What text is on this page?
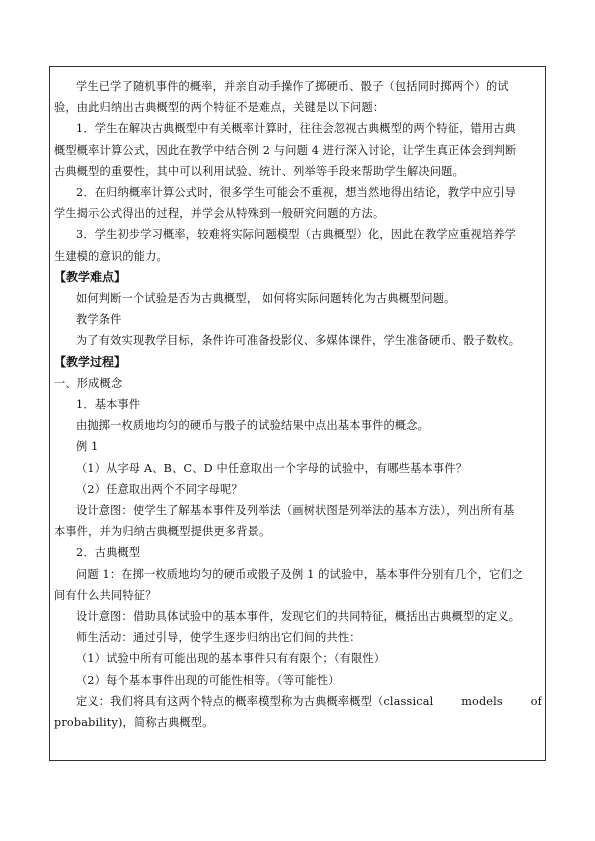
学生已学了随机事件的概率，并亲自动手操作了掷硬币、骰子（包括同时掷两个）的试
验，由此归纳出古典概型的两个特征不是难点，关键是以下问题：
1．学生在解决古典概型中有关概率计算时，往往会忽视古典概型的两个特征，错用古典
概型概率计算公式，因此在教学中结合例 2 与问题 4 进行深入讨论，让学生真正体会到判断
古典概型的重要性，其中可以利用试验、统计、列举等手段来帮助学生解决问题。
2．在归纳概率计算公式时，很多学生可能会不重视，想当然地得出结论，教学中应引导
学生揭示公式得出的过程，并学会从特殊到一般研究问题的方法。
3．学生初步学习概率，较难将实际问题模型（古典概型）化，因此在教学应重视培养学
生建模的意识的能力。
【教学难点】
如何判断一个试验是否为古典概型， 如何将实际问题转化为古典概型问题。
教学条件
为了有效实现教学目标，条件许可准备投影仪、多媒体课件，学生准备硬币、骰子数枚。
【教学过程】
一、形成概念
1．基本事件
由抛掷一枚质地均匀的硬币与骰子的试验结果中点出基本事件的概念。
例 1
（1）从字母 A、B、C、D 中任意取出一个字母的试验中，有哪些基本事件？
（2）任意取出两个不同字母呢？
设计意图：使学生了解基本事件及列举法（画树状图是列举法的基本方法），列出所有基
本事件，并为归纳古典概型提供更多背景。
2．古典概型
问题 1：在掷一枚质地均匀的硬币或骰子及例 1 的试验中，基本事件分别有几个，它们之
间有什么共同特征？
设计意图：借助具体试验中的基本事件，发现它们的共同特征，概括出古典概型的定义。
师生活动：通过引导，使学生逐步归纳出它们间的共性：
（1）试验中所有可能出现的基本事件只有有限个；（有限性）
（2）每个基本事件出现的可能性相等。（等可能性）
定义：我们将具有这两个特点的概率模型称为古典概率概型（classical models of
probability)，简称古典概型。
